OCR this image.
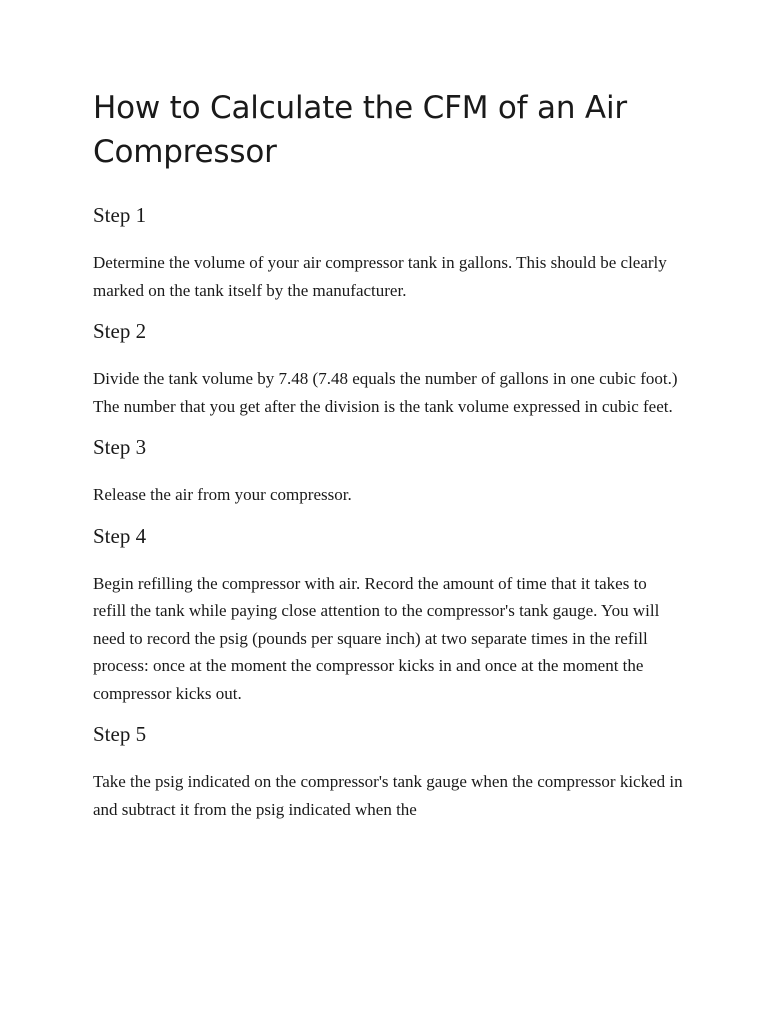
How to Calculate the CFM of an Air Compressor
Step 1

Determine the volume of your air compressor tank in gallons. This should be clearly marked on the tank itself by the manufacturer.

Step 2

Divide the tank volume by 7.48 (7.48 equals the number of gallons in one cubic foot.) The number that you get after the division is the tank volume expressed in cubic feet.

Step 3

Release the air from your compressor.

Step 4

Begin refilling the compressor with air. Record the amount of time that it takes to refill the tank while paying close attention to the compressor's tank gauge. You will need to record the psig (pounds per square inch) at two separate times in the refill process: once at the moment the compressor kicks in and once at the moment the compressor kicks out.

Step 5

Take the psig indicated on the compressor's tank gauge when the compressor kicked in and subtract it from the psig indicated when the
